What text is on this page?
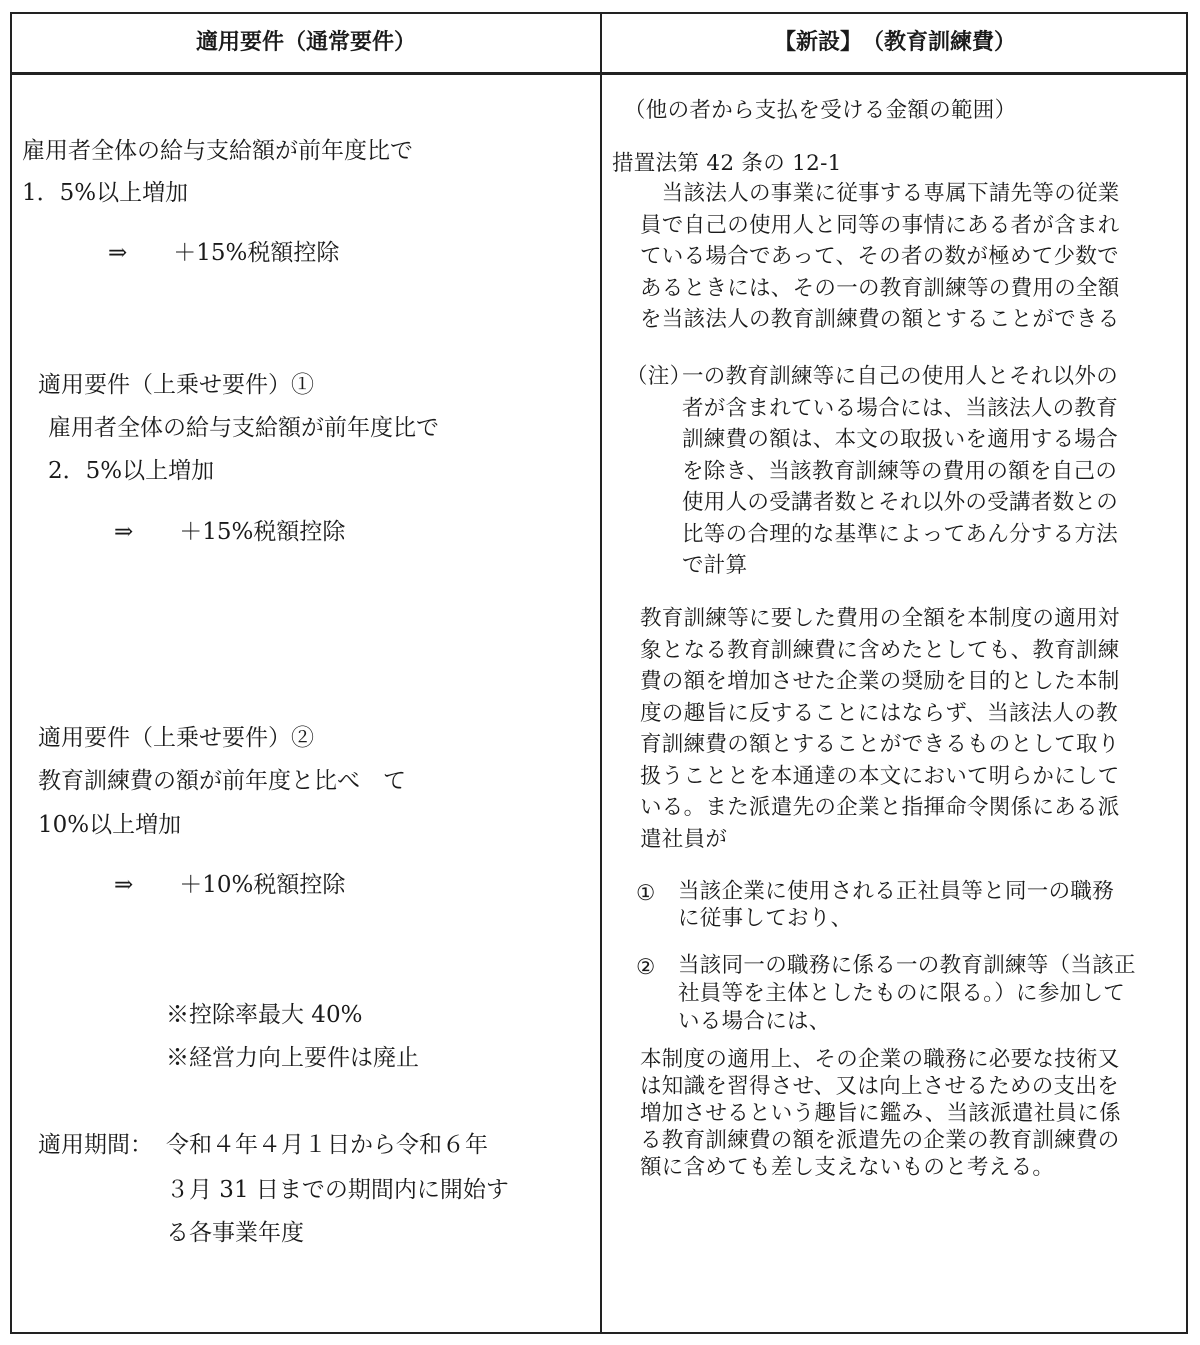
適用要件（通常要件）	【新設】　（教育訓練費）
雇用者全体の給与支給額が前年度比で
1．5%以上増加
⇒　　＋15%税額控除
適用要件（上乗せ要件）①
雇用者全体の給与支給額が前年度比で
2．5%以上増加
⇒　　＋15%税額控除
適用要件（上乗せ要件）②
教育訓練費の額が前年度と比べ　て
10%以上増加
⇒　　＋10%税額控除
※控除率最大 40%
※経営力向上要件は廃止
適用期間： 令和４年４月１日から令和６年
３月 31 日までの期間内に開始す
る各事業年度
（他の者から支払を受ける金額の範囲）
措置法第 42 条の 12-1
　当該法人の事業に従事する専属下請先等の従業
員で自己の使用人と同等の事情にある者が含まれ
ている場合であって、その者の数が極めて少数で
あるときには、その一の教育訓練等の費用の全額
を当該法人の教育訓練費の額とすることができる
（注）
一の教育訓練等に自己の使用人とそれ以外の
者が含まれている場合には、当該法人の教育
訓練費の額は、本文の取扱いを適用する場合
を除き、当該教育訓練等の費用の額を自己の
使用人の受講者数とそれ以外の受講者数との
比等の合理的な基準によってあん分する方法
で計算
教育訓練等に要した費用の全額を本制度の適用対
象となる教育訓練費に含めたとしても、教育訓練
費の額を増加させた企業の奨励を目的とした本制
度の趣旨に反することにはならず、当該法人の教
育訓練費の額とすることができるものとして取り
扱うこととを本通達の本文において明らかにして
いる。また派遣先の企業と指揮命令関係にある派
遣社員が
① 当該企業に使用される正社員等と同一の職務
に従事しており、
② 当該同一の職務に係る一の教育訓練等（当該正
社員等を主体としたものに限る。）に参加して
いる場合には、
本制度の適用上、その企業の職務に必要な技術又
は知識を習得させ、又は向上させるための支出を
増加させるという趣旨に鑑み、当該派遣社員に係
る教育訓練費の額を派遣先の企業の教育訓練費の
額に含めても差し支えないものと考える。
